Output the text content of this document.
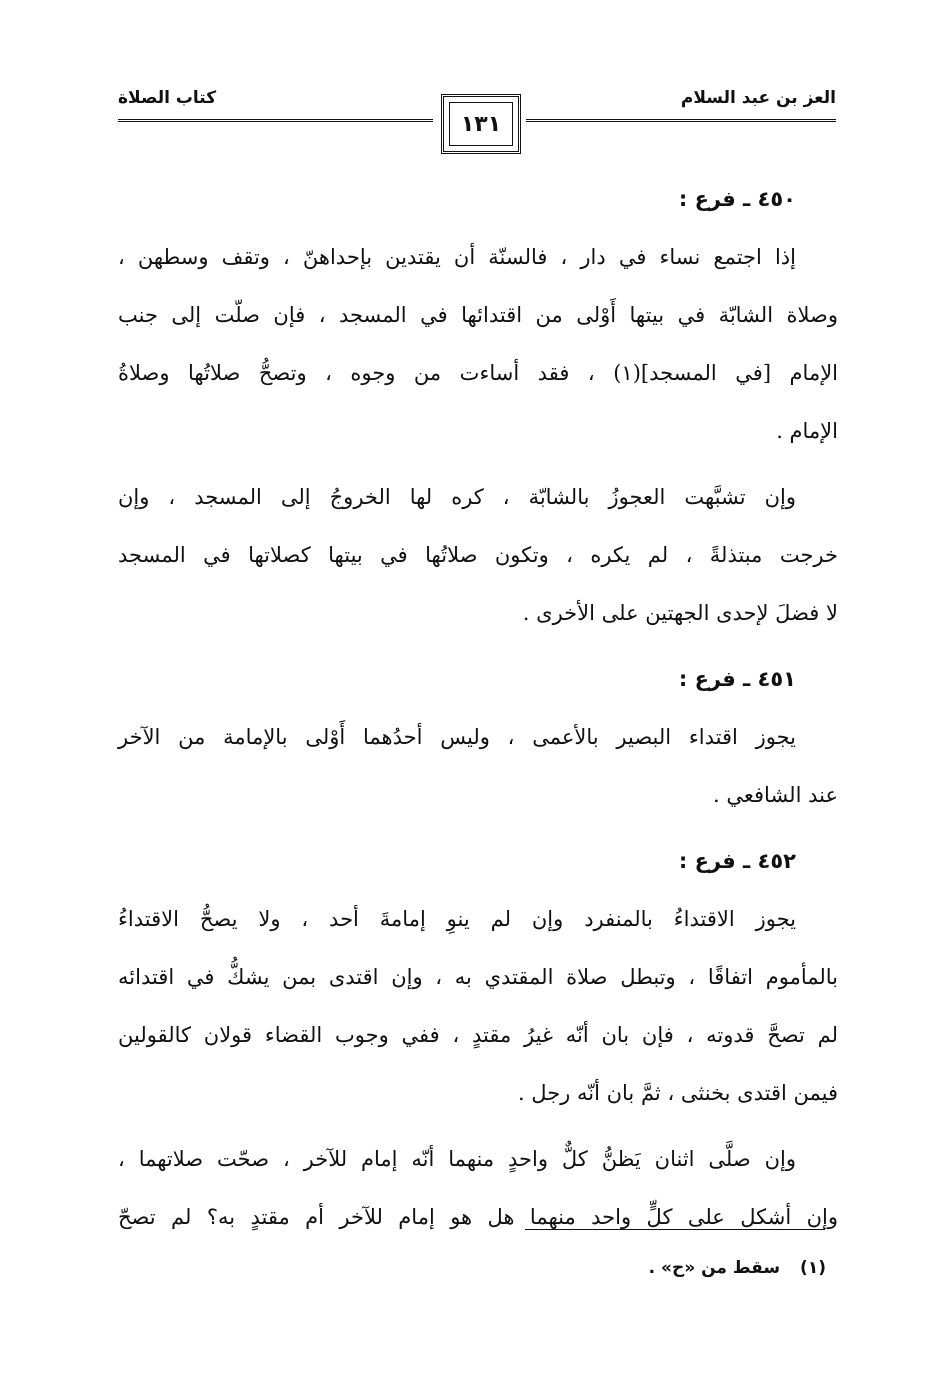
العز بن عبد السلام
كتاب الصلاة
١٣١
٤٥٠ ـ فرع :
إذا اجتمع نساء في دار ، فالسنّة أن يقتدين بإحداهنّ ، وتقف وسطهن ،
وصلاة الشابّة في بيتها أَوْلى من اقتدائها في المسجد ، فإن صلّت إلى جنب
الإمام [في المسجد](١) ، فقد أساءت من وجوه ، وتصحُّ صلاتُها وصلاةُ
الإمام .
وإن تشبَّهت العجوزُ بالشابّة ، كره لها الخروجُ إلى المسجد ، وإن
خرجت مبتذلةً ، لم يكره ، وتكون صلاتُها في بيتها كصلاتها في المسجد
لا فضلَ لإحدى الجهتين على الأخرى .
٤٥١ ـ فرع :
يجوز اقتداء البصير بالأعمى ، وليس أحدُهما أَوْلى بالإمامة من الآخر
عند الشافعي .
٤٥٢ ـ فرع :
يجوز الاقتداءُ بالمنفرد وإن لم ينوِ إمامةَ أحد ، ولا يصحُّ الاقتداءُ
بالمأموم اتفاقًا ، وتبطل صلاة المقتدي به ، وإن اقتدى بمن يشكُّ في اقتدائه
لم تصحَّ قدوته ، فإن بان أنّه غيرُ مقتدٍ ، ففي وجوب القضاء قولان كالقولين
فيمن اقتدى بخنثى ، ثمَّ بان أنّه رجل .
وإن صلَّى اثنان يَظنُّ كلٌّ واحدٍ منهما أنّه إمام للآخر ، صحّت صلاتهما ،
وإن أشكل على كلٍّ واحد منهما هل هو إمام للآخر أم مقتدٍ به؟ لم تصحّ
(١)سقط من «ح» .
